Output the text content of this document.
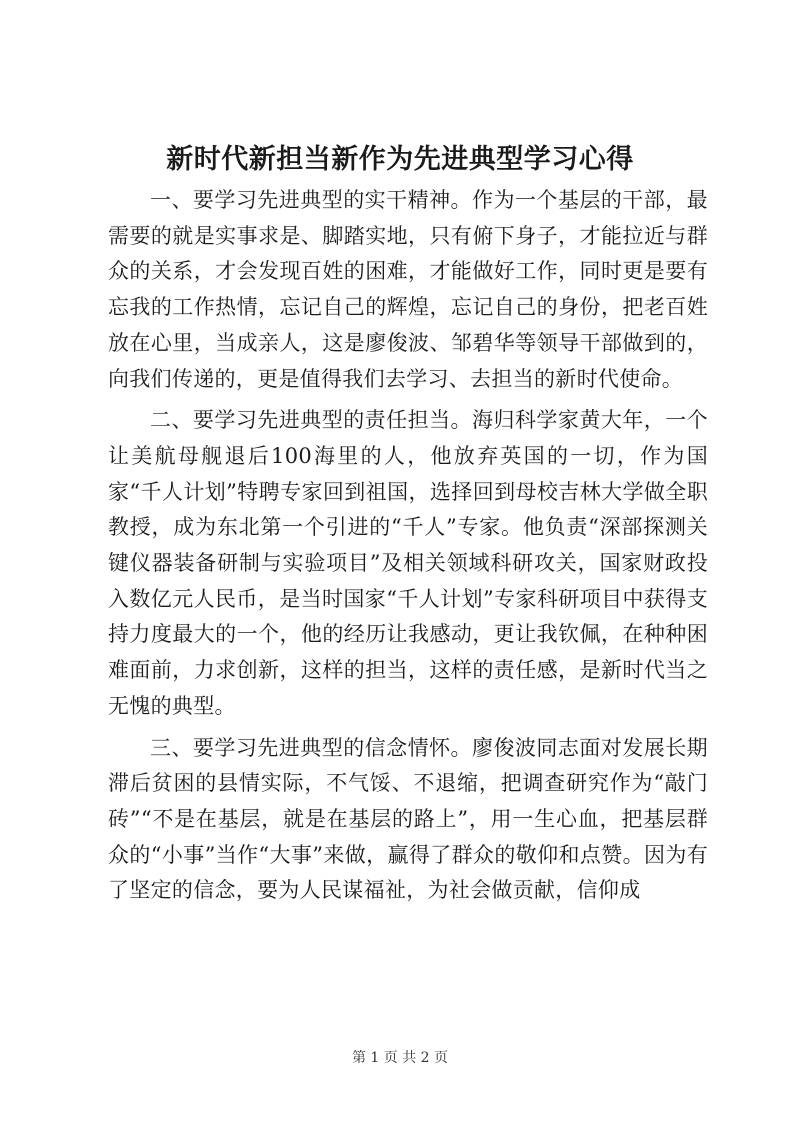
新时代新担当新作为先进典型学习心得

一、要学习先进典型的实干精神。作为一个基层的干部，最需要的就是实事求是、脚踏实地，只有俯下身子，才能拉近与群众的关系，才会发现百姓的困难，才能做好工作，同时更是要有忘我的工作热情，忘记自己的辉煌，忘记自己的身份，把老百姓放在心里，当成亲人，这是廖俊波、邹碧华等领导干部做到的，向我们传递的，更是值得我们去学习、去担当的新时代使命。

二、要学习先进典型的责任担当。海归科学家黄大年，一个让美航母舰退后100海里的人，他放弃英国的一切，作为国家“千人计划”特聘专家回到祖国，选择回到母校吉林大学做全职教授，成为东北第一个引进的“千人”专家。他负责“深部探测关键仪器装备研制与实验项目”及相关领域科研攻关，国家财政投入数亿元人民币，是当时国家“千人计划”专家科研项目中获得支持力度最大的一个，他的经历让我感动，更让我钦佩，在种种困难面前，力求创新，这样的担当，这样的责任感，是新时代当之无愧的典型。

三、要学习先进典型的信念情怀。廖俊波同志面对发展长期滞后贫困的县情实际，不气馁、不退缩，把调查研究作为“敲门砖”“不是在基层，就是在基层的路上”，用一生心血，把基层群众的“小事”当作“大事”来做，赢得了群众的敬仰和点赞。因为有了坚定的信念，要为人民谋福祉，为社会做贡献，信仰成

第 1 页 共 2 页
